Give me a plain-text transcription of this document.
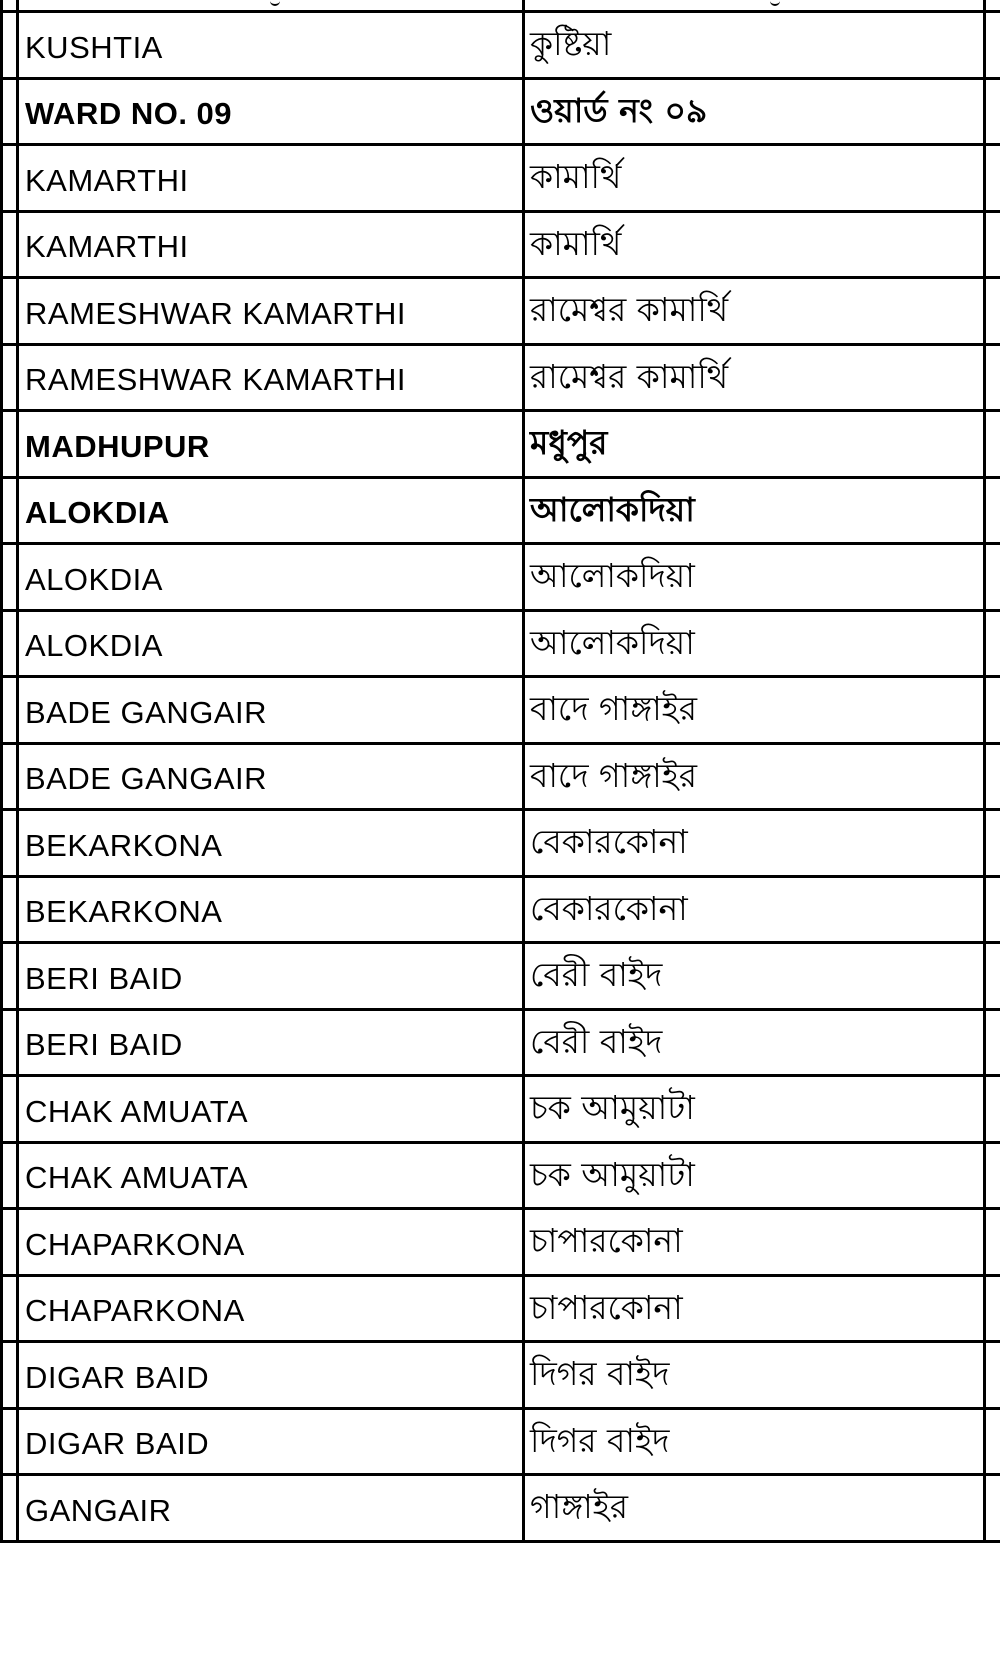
KUSHTIA	কুষ্টিয়া
WARD NO. 09	ওয়ার্ড নং ০৯
KAMARTHI	কামার্থি
KAMARTHI	কামার্থি
RAMESHWAR KAMARTHI	রামেশ্বর কামার্থি
RAMESHWAR KAMARTHI	রামেশ্বর কামার্থি
MADHUPUR	মধুপুর
ALOKDIA	আলোকদিয়া
ALOKDIA	আলোকদিয়া
ALOKDIA	আলোকদিয়া
BADE GANGAIR	বাদে গাঙ্গাইর
BADE GANGAIR	বাদে গাঙ্গাইর
BEKARKONA	বেকারকোনা
BEKARKONA	বেকারকোনা
BERI BAID	বেরী বাইদ
BERI BAID	বেরী বাইদ
CHAK AMUATA	চক আমুয়াটা
CHAK AMUATA	চক আমুয়াটা
CHAPARKONA	চাপারকোনা
CHAPARKONA	চাপারকোনা
DIGAR BAID	দিগর বাইদ
DIGAR BAID	দিগর বাইদ
GANGAIR	গাঙ্গাইর
